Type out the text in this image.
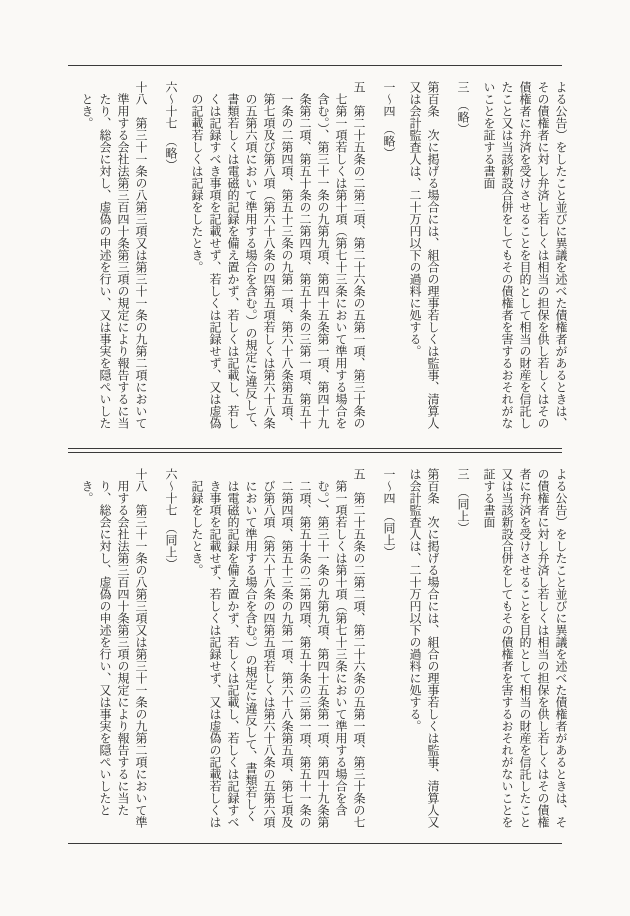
よる公告）をしたこと並びに異議を述べた債権者があるときは、その債権者に対し弁済し若しくは相当の担保を供し若しくはその債権者に弁済を受けさせることを目的として相当の財産を信託したこと又は当該新設合併をしてもその債権者を害するおそれがないことを証する書面
三　（略）
第百条　次に掲げる場合には、組合の理事若しくは監事、清算人又は会計監査人は、二十万円以下の過料に処する。
一～四　（略）
五　第二十五条の二第二項、第二十六条の五第一項、第三十条の七第一項若しくは第十項（第七十三条において準用する場合を含む。）、第三十一条の九第九項、第四十五条第一項、第四十九条第二項、第五十条の二第四項、第五十条の三第一項、第五十一条の二第四項、第五十三条の九第一項、第六十八条第五項、第七項及び第八項（第六十八条の四第五項若しくは第六十八条の五第六項において準用する場合を含む。）の規定に違反して、書類若しくは電磁的記録を備え置かず、若しくは記載し、若しくは記録すべき事項を記載せず、若しくは記録せず、又は虚偽の記載若しくは記録をしたとき。
六～十七　（略）
十八　第三十一条の八第三項又は第三十一条の九第二項において準用する会社法第三百四十条第三項の規定により報告するに当たり、総会に対し、虚偽の申述を行い、又は事実を隠ぺいしたとき。
よる公告）をしたこと並びに異議を述べた債権者があるときは、その債権者に対し弁済し若しくは相当の担保を供し若しくはその債権者に弁済を受けさせることを目的として相当の財産を信託したこと又は当該新設合併をしてもその債権者を害するおそれがないことを証する書面
三　（同上）
第百条　次に掲げる場合には、組合の理事若しくは監事、清算人又は会計監査人は、二十万円以下の過料に処する。
一～四　（同上）
五　第二十五条の二第二項、第二十六条の五第一項、第三十条の七第一項若しくは第十項（第七十三条において準用する場合を含む。）、第三十一条の九第九項、第四十五条第一項、第四十九条第二項、第五十条の二第四項、第五十条の三第一項、第五十一条の二第四項、第五十三条の九第一項、第六十八条第五項、第七項及び第八項（第六十八条の四第五項若しくは第六十八条の五第六項において準用する場合を含む。）の規定に違反して、書類若しくは電磁的記録を備え置かず、若しくは記載し、若しくは記録すべき事項を記載せず、若しくは記録せず、又は虚偽の記載若しくは記録をしたとき。
六～十七　（同上）
十八　第三十一条の八第三項又は第三十一条の九第二項において準用する会社法第三百四十条第三項の規定により報告するに当たり、総会に対し、虚偽の申述を行い、又は事実を隠ぺいしたとき。
